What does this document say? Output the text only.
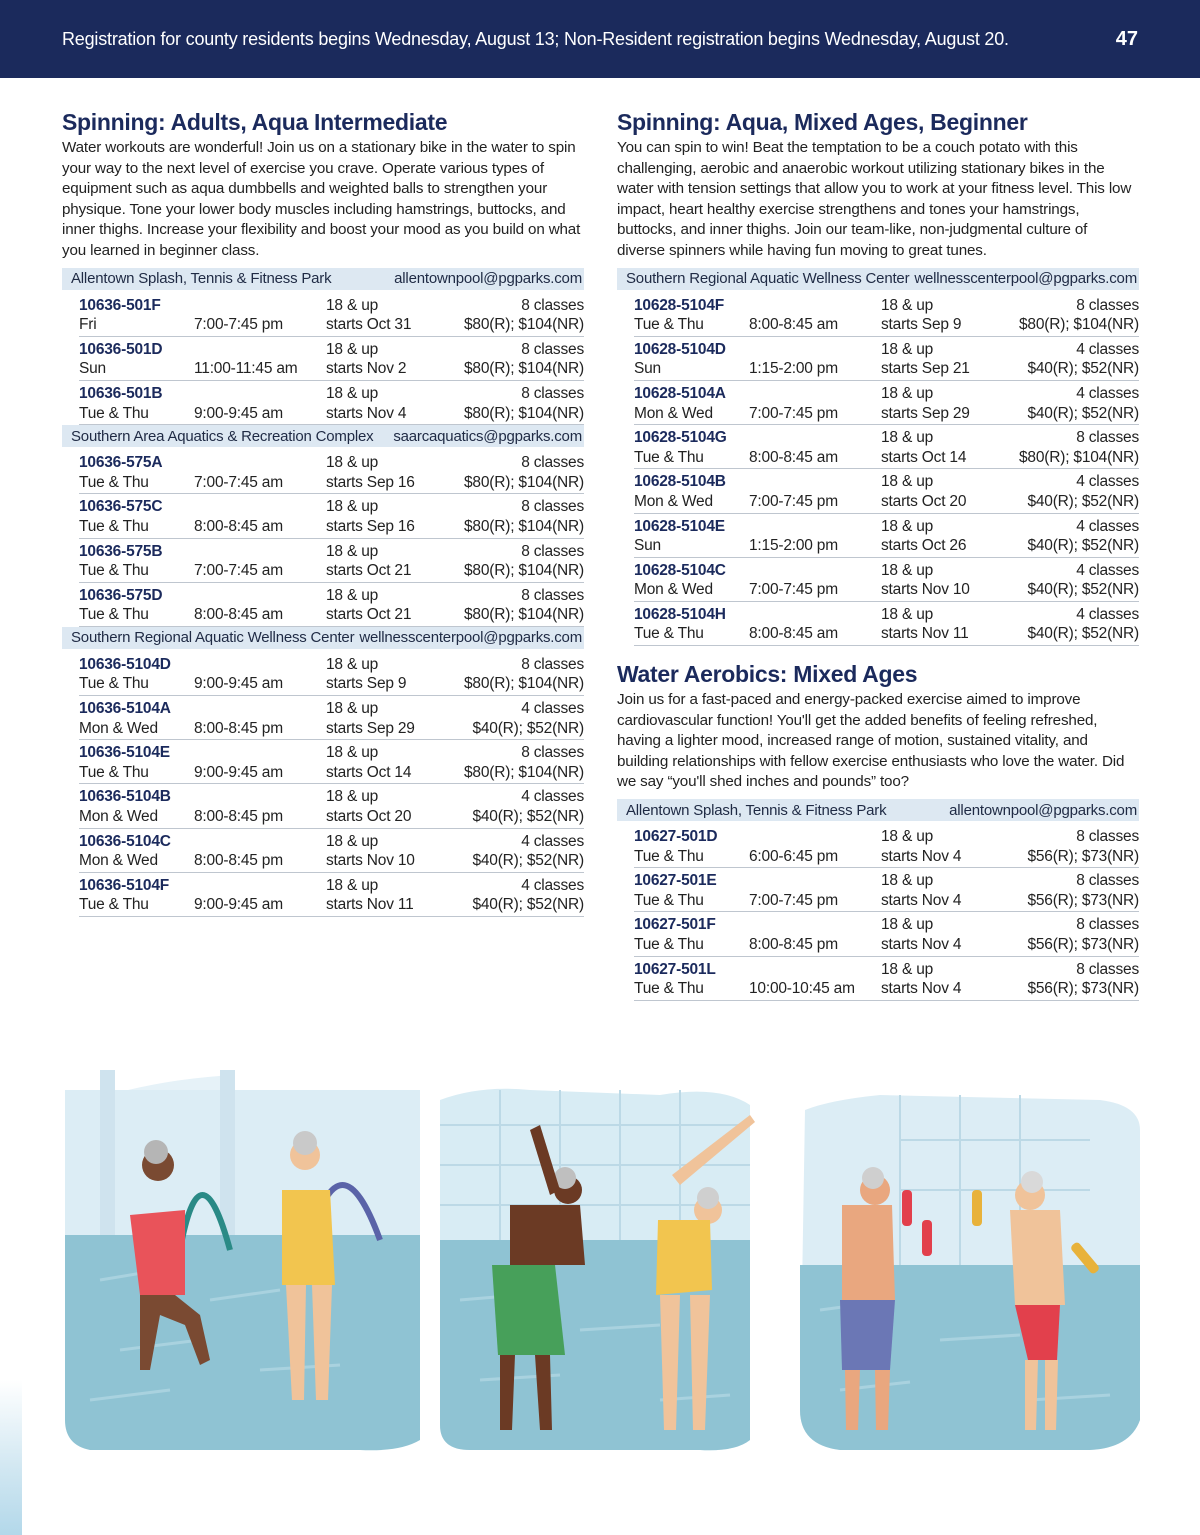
Registration for county residents begins Wednesday, August 13; Non-Resident registration begins Wednesday, August 20.	47
Spinning: Adults, Aqua Intermediate

Water workouts are wonderful! Join us on a stationary bike in the water to spin your way to the next level of exercise you crave. Operate various types of equipment such as aqua dumbbells and weighted balls to strengthen your physique. Tone your lower body muscles including hamstrings, buttocks, and inner thighs. Increase your flexibility and boost your mood as you build on what you learned in beginner class.

Allentown Splash, Tennis & Fitness Park	allentownpool@pgparks.com
10636-501F	18 & up	8 classes
Fri	7:00-7:45 pm	starts Oct 31	$80(R); $104(NR)
10636-501D	18 & up	8 classes
Sun	11:00-11:45 am	starts Nov 2	$80(R); $104(NR)
10636-501B	18 & up	8 classes
Tue & Thu	9:00-9:45 am	starts Nov 4	$80(R); $104(NR)
Southern Area Aquatics & Recreation Complex saarcaquatics@pgparks.com
10636-575A	18 & up	8 classes
Tue & Thu	7:00-7:45 am	starts Sep 16	$80(R); $104(NR)
10636-575C	18 & up	8 classes
Tue & Thu	8:00-8:45 am	starts Sep 16	$80(R); $104(NR)
10636-575B	18 & up	8 classes
Tue & Thu	7:00-7:45 am	starts Oct 21	$80(R); $104(NR)
10636-575D	18 & up	8 classes
Tue & Thu	8:00-8:45 am	starts Oct 21	$80(R); $104(NR)
Southern Regional Aquatic Wellness Center wellnesscenterpool@pgparks.com
10636-5104D	18 & up	8 classes
Tue & Thu	9:00-9:45 am	starts Sep 9	$80(R); $104(NR)
10636-5104A	18 & up	4 classes
Mon & Wed	8:00-8:45 pm	starts Sep 29	$40(R); $52(NR)
10636-5104E	18 & up	8 classes
Tue & Thu	9:00-9:45 am	starts Oct 14	$80(R); $104(NR)
10636-5104B	18 & up	4 classes
Mon & Wed	8:00-8:45 pm	starts Oct 20	$40(R); $52(NR)
10636-5104C	18 & up	4 classes
Mon & Wed	8:00-8:45 pm	starts Nov 10	$40(R); $52(NR)
10636-5104F	18 & up	4 classes
Tue & Thu	9:00-9:45 am	starts Nov 11	$40(R); $52(NR)
Spinning: Aqua, Mixed Ages, Beginner

You can spin to win! Beat the temptation to be a couch potato with this challenging, aerobic and anaerobic workout utilizing stationary bikes in the water with tension settings that allow you to work at your fitness level. This low impact, heart healthy exercise strengthens and tones your hamstrings, buttocks, and inner thighs. Join our team-like, non-judgmental culture of diverse spinners while having fun moving to great tunes.

Southern Regional Aquatic Wellness Center wellnesscenterpool@pgparks.com
10628-5104F	18 & up	8 classes
Tue & Thu	8:00-8:45 am	starts Sep 9	$80(R); $104(NR)
10628-5104D	18 & up	4 classes
Sun	1:15-2:00 pm	starts Sep 21	$40(R); $52(NR)
10628-5104A	18 & up	4 classes
Mon & Wed	7:00-7:45 pm	starts Sep 29	$40(R); $52(NR)
10628-5104G	18 & up	8 classes
Tue & Thu	8:00-8:45 am	starts Oct 14	$80(R); $104(NR)
10628-5104B	18 & up	4 classes
Mon & Wed	7:00-7:45 pm	starts Oct 20	$40(R); $52(NR)
10628-5104E	18 & up	4 classes
Sun	1:15-2:00 pm	starts Oct 26	$40(R); $52(NR)
10628-5104C	18 & up	4 classes
Mon & Wed	7:00-7:45 pm	starts Nov 10	$40(R); $52(NR)
10628-5104H	18 & up	4 classes
Tue & Thu	8:00-8:45 am	starts Nov 11	$40(R); $52(NR)
Water Aerobics: Mixed Ages

Join us for a fast-paced and energy-packed exercise aimed to improve cardiovascular function! You'll get the added benefits of feeling refreshed, having a lighter mood, increased range of motion, sustained vitality, and building relationships with fellow exercise enthusiasts who love the water. Did we say “you'll shed inches and pounds” too?

Allentown Splash, Tennis & Fitness Park	allentownpool@pgparks.com
10627-501D	18 & up	8 classes
Tue & Thu	6:00-6:45 pm	starts Nov 4	$56(R); $73(NR)
10627-501E	18 & up	8 classes
Tue & Thu	7:00-7:45 pm	starts Nov 4	$56(R); $73(NR)
10627-501F	18 & up	8 classes
Tue & Thu	8:00-8:45 pm	starts Nov 4	$56(R); $73(NR)
10627-501L	18 & up	8 classes
Tue & Thu	10:00-10:45 am	starts Nov 4	$56(R); $73(NR)
